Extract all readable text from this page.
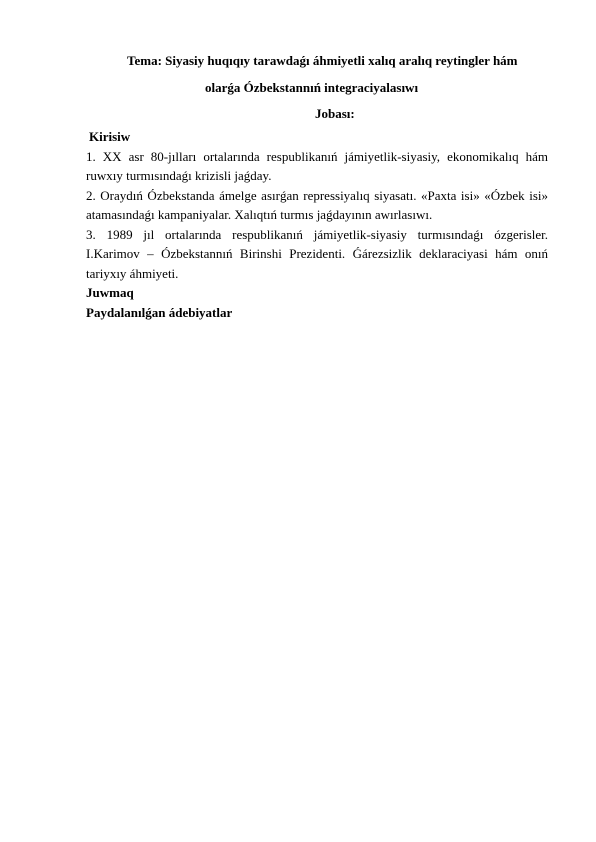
Tema: Siyasiy huqıqıy tarawdaǵı áhmiyetli xalıq aralıq reytingler hám
olarǵa Ózbekstannıń integraciyalasıwı
Jobası:

Kirisiw

1. XX asr 80-jılları ortalarında respublikanıń jámiyetlik-siyasiy, ekonomikalıq hám ruwxıy turmısındaǵı krizisli jaǵday.

2. Oraydıń Ózbekstanda ámelge asırǵan repressiyalıq siyasatı. «Paxta isi» «Ózbek isi» atamasındaǵı kampaniyalar. Xalıqtıń turmıs jaǵdayının awırlasıwı.

3. 1989 jıl ortalarında respublikanıń jámiyetlik-siyasiy turmısındaǵı ózgerisler. I.Karimov – Ózbekstannıń Birinshi Prezidenti. Ǵárezsizlik deklaraciyasi hám onıń tariyxıy áhmiyeti.

Juwmaq

Paydalanılǵan ádebiyatlar
